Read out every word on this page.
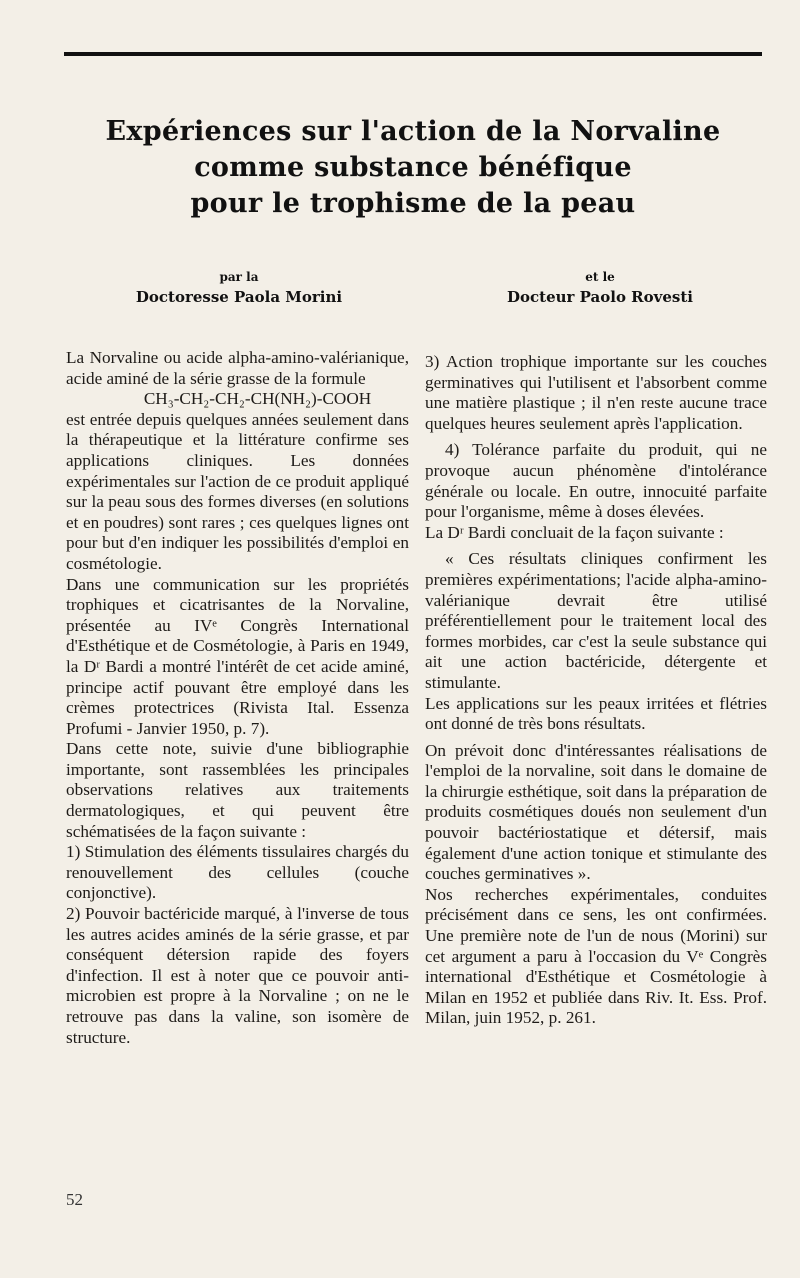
Expériences sur l'action de la Norvaline
comme substance bénéfique
pour le trophisme de la peau
par la
Doctoresse Paola Morini
et le
Docteur Paolo Rovesti

La Norvaline ou acide alpha-amino-valérianique, acide aminé de la série grasse de la formule

CH₃-CH₂-CH₂-CH(NH₂)-COOH

est entrée depuis quelques années seulement dans la thérapeutique et la littérature confirme ses applications cliniques. Les données expérimentales sur l'action de ce produit appliqué sur la peau sous des formes diverses (en solutions et en poudres) sont rares ; ces quelques lignes ont pour but d'en indiquer les possibilités d'emploi en cosmétologie.

Dans une communication sur les propriétés trophiques et cicatrisantes de la Norvaline, présentée au IVᵉ Congrès International d'Esthétique et de Cosmétologie, à Paris en 1949, la Dʳ Bardi a montré l'intérêt de cet acide aminé, principe actif pouvant être employé dans les crèmes protectrices (Rivista Ital. Essenza Profumi - Janvier 1950, p. 7).

Dans cette note, suivie d'une bibliographie importante, sont rassemblées les principales observations relatives aux traitements dermatologiques, et qui peuvent être schématisées de la façon suivante :

1) Stimulation des éléments tissulaires chargés du renouvellement des cellules (couche conjonctive).

2) Pouvoir bactéricide marqué, à l'inverse de tous les autres acides aminés de la série grasse, et par conséquent détersion rapide des foyers d'infection. Il est à noter que ce pouvoir anti-microbien est propre à la Norvaline ; on ne le retrouve pas dans la valine, son isomère de structure.

3) Action trophique importante sur les couches germinatives qui l'utilisent et l'absorbent comme une matière plastique ; il n'en reste aucune trace quelques heures seulement après l'application.

4) Tolérance parfaite du produit, qui ne provoque aucun phénomène d'intolérance générale ou locale. En outre, innocuité parfaite pour l'organisme, même à doses élevées.

La Dʳ Bardi concluait de la façon suivante :

« Ces résultats cliniques confirment les premières expérimentations; l'acide alpha-amino-valérianique devrait être utilisé préférentiellement pour le traitement local des formes morbides, car c'est la seule substance qui ait une action bactéricide, détergente et stimulante.

Les applications sur les peaux irritées et flétries ont donné de très bons résultats.

On prévoit donc d'intéressantes réalisations de l'emploi de la norvaline, soit dans le domaine de la chirurgie esthétique, soit dans la préparation de produits cosmétiques doués non seulement d'un pouvoir bactériostatique et détersif, mais également d'une action tonique et stimulante des couches germinatives ».

Nos recherches expérimentales, conduites précisément dans ce sens, les ont confirmées. Une première note de l'un de nous (Morini) sur cet argument a paru à l'occasion du Vᵉ Congrès international d'Esthétique et Cosmétologie à Milan en 1952 et publiée dans Riv. It. Ess. Prof. Milan, juin 1952, p. 261.

52
